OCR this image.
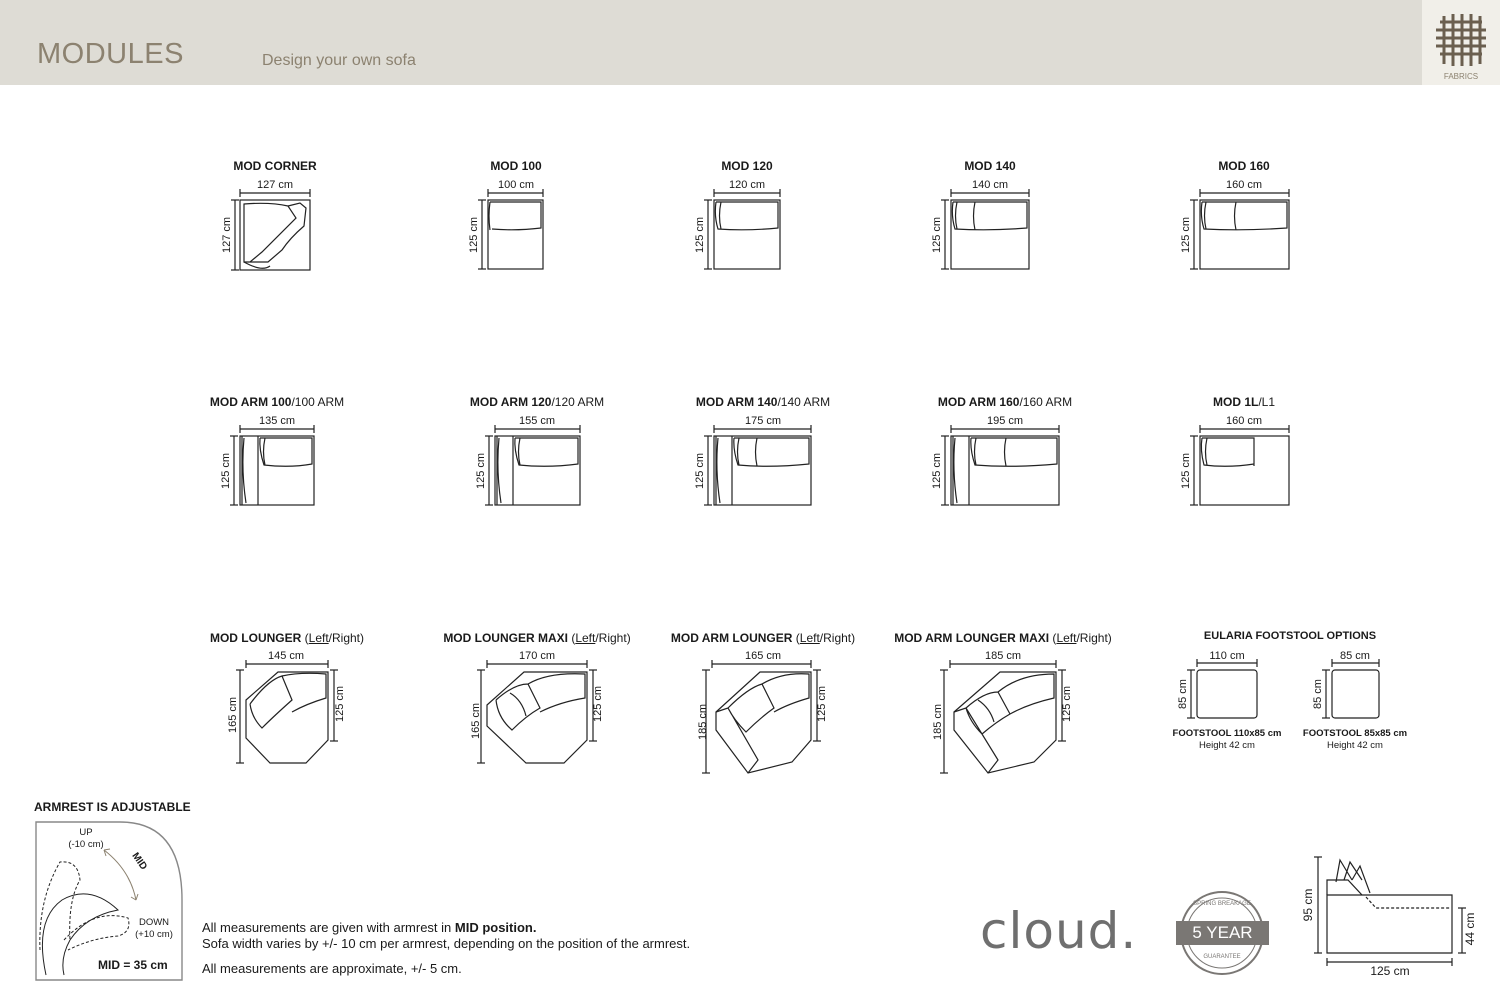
MODULES	Design your own sofa
FABRICS
MOD CORNER
127 cm
127 cm
MOD 100
100 cm
125 cm
MOD 120
120 cm
125 cm
MOD 140
140 cm
125 cm
MOD 160
160 cm
125 cm
MOD ARM 100/100 ARM
135 cm
125 cm
MOD ARM 120/120 ARM
155 cm
125 cm
MOD ARM 140/140 ARM
175 cm
125 cm
MOD ARM 160/160 ARM
195 cm
125 cm
MOD 1L/L1
160 cm
125 cm
MOD LOUNGER (Left/Right)
145 cm
165 cm	125 cm
MOD LOUNGER MAXI (Left/Right)
170 cm
165 cm	125 cm
MOD ARM LOUNGER (Left/Right)
165 cm
185 cm	125 cm
MOD ARM LOUNGER MAXI (Left/Right)
185 cm
185 cm	125 cm
EULARIA FOOTSTOOL OPTIONS
110 cm
85 cm
FOOTSTOOL 110x85 cm
Height 42 cm
85 cm
85 cm
FOOTSTOOL 85x85 cm
Height 42 cm
ARMREST IS ADJUSTABLE
UP
(-10 cm)
MID
DOWN
(+10 cm)
MID = 35 cm
All measurements are given with armrest in MID position.
Sofa width varies by +/- 10 cm per armrest, depending on the position of the armrest.
All measurements are approximate, +/- 5 cm.
cloud.	SPRING BREAKAGE
5 YEAR
GUARANTEE
95 cm
44 cm
125 cm
